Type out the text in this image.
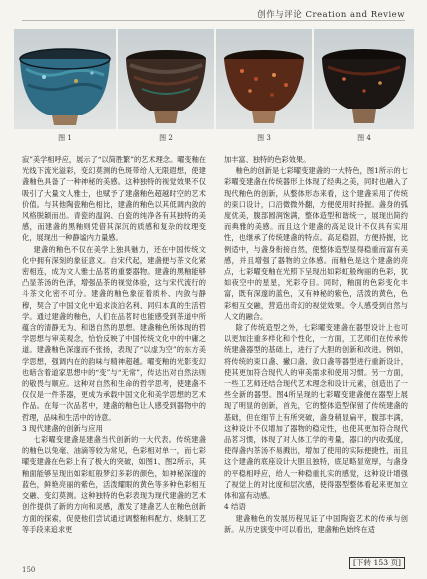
创作与评论 Creation and Review
图 1	图 2	图 3	图 4

寂”美学相呼应，展示了“以简胜繁”的艺术理念。曜变釉在光线下流光溢彩，变幻莫测的色斑带给人无限遐想，使建盏釉色具备了一种神秘的美感。这种独特的视觉效果不仅吸引了大量文人雅士，也赋予了建盏釉色超越时空的艺术价值。与其他陶瓷釉色相比，建盏的釉色以其低调内敛的风格脱颖而出。青瓷的温润、白瓷的纯净各有其独特的美感，而建盏的黑釉则凭借其深沉的质感和复杂的纹理变化，展现出一种静谧内力量感。

建盏的釉色不仅在美学上独具魅力，还在中国传统文化中拥有深刻的象征意义。自宋代起，建盏便与茶文化紧密相连，成为文人雅士品茗的重要器物。建盏的黑釉能够凸显茶汤的色泽，增强品茶的视觉体验，这与宋代流行的斗茶文化密不可分。建盏的釉色象征着质朴、内敛与静穆，契合了中国文化中追求淡泊名利、同归本真的生活哲学。通过建盏的釉色，人们在品茗时也能感受到茶道中所蕴含的清静无为、和谐自然的思想。建盏釉色所体现的哲学思想与审美观念，恰恰反映了中国传统文化中的中庸之道。建盏釉色深邃而不张扬，表现了“以虚为空”的东方美学思想，强调内在的韵味与精神超越。曜变釉的光影变幻也暗含着道家思想中的“变”与“无常”，传达出对自然法则的敬畏与顺应。这种对自然和生命的哲学思考，使建盏不仅仅是一件茶器，更成为承载中国文化和美学思想的艺术作品。在每一次品茗中，建盏的釉色让人感受到器物中的哲理，品味和生活中的诗意。

3 现代建盏的创新与应用

七彩曜变建盏是建盏当代创新的一大代表。传统建盏的釉色以兔毫、油滴等较为常见，色彩相对单一，而七彩曜变建盏在色彩上有了极大的突破，如图1、图2所示，其釉面能够呈现出如彩虹般梦幻多彩的颜色，如神秘深邃的蓝色，鲜艳亮丽的紫色，活泼耀眼的黄色等多种色彩相互交融、变幻莫测。这种独特的色彩表现为现代建盏的艺术创作提供了新的方向和灵感，激发了建盏艺人在釉色创新方面的探索，促使他们尝试通过调整釉料配方、烧制工艺等手段来追求更

加丰富、独特的色彩效果。

釉色的创新是七彩曜变建盏的一大特色，图1所示的七彩曜变建盏在传统器形上体现了经典之美，同时也融入了现代釉色的创新，从整体形态来看，这个建盏采用了传统的束口设计，口沿微微外翻，方便使用时持握。盏身的弧度优美，腹部圆润饱满，整体造型和谐统一，展现出简约而典雅的美感。而且这个建盏的高足设计不仅具有实用性，也继承了传统建盏的特点。高足稳固，方便持握，比例适中，与盏身衔接自然，使整体造型显得稳重而富有美感，并且增强了器物的立体感。而釉色是这个建盏的亮点，七彩曜变釉在光照下呈现出如彩虹般绚丽的色彩，犹如夜空中的星星，光彩夺目。同时，釉面的色彩变化丰富，既有深邃的蓝色，又有神秘的紫色，活泼的黄色，色彩相互交融，营造出奇幻的视觉效果。令人感受到自然与人文的融合。

除了传统造型之外，七彩曜变建盏在器型设计上也可以更加注重多样化和个性化，一方面，工艺师们在传承传统建盏器型的基础上，进行了大胆的创新和改进。例如，将传统的束口盏、撇口盏、敛口盏等器型进行重新设计，使其更加符合现代人的审美需求和使用习惯。另一方面，一些工艺师还结合现代艺术理念和设计元素，创造出了一些全新的器型。图4所呈现的七彩曜变建盏便在器型上展现了明显的创新，首先，它的整体造型保留了传统建盏的基础，但在细节上有所突破，盏身稍显扁平，腹部丰满，这种设计不仅增加了器物的稳定性，也使其更加符合现代品茗习惯，体现了对人体工学的考量，器口的内收弧度，使得盏内茶汤不易溅出，增加了使用的实际便捷性，而且这个建盏的底座设计大胆且独特，底足略显宽厚，与盏身的平稳相呼应，给人一种稳重扎实的感觉，这种设计增强了视觉上的对比度和层次感，使得器型整体看起来更加立体和富有动感。

4 结语

建盏釉色的发展历程见证了中国陶瓷艺术的传承与创新。从历史演变中可以看出，建盏釉色始终在适

[下转 153 页]
150
